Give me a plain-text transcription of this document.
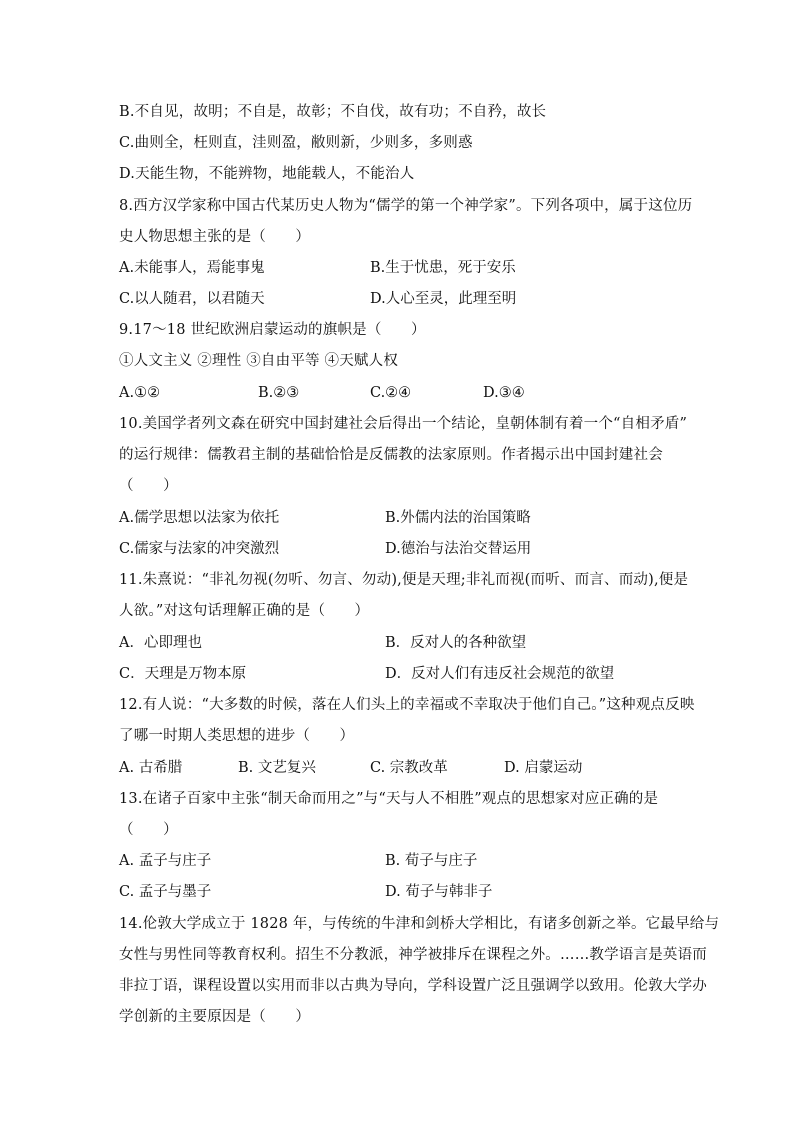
B.不自见，故明；不自是，故彰；不自伐，故有功；不自矜，故长
C.曲则全，枉则直，洼则盈，敝则新，少则多，多则惑
D.天能生物，不能辨物，地能载人，不能治人
8.西方汉学家称中国古代某历史人物为“儒学的第一个神学家”。下列各项中，属于这位历
史人物思想主张的是（　　）
A.未能事人，焉能事鬼	B.生于忧患，死于安乐
C.以人随君，以君随天	D.人心至灵，此理至明
9.17～18 世纪欧洲启蒙运动的旗帜是（　　）
①人文主义 ②理性 ③自由平等 ④天赋人权
A.①②	B.②③	C.②④	D.③④
10.美国学者列文森在研究中国封建社会后得出一个结论，皇朝体制有着一个“自相矛盾”
的运行规律：儒教君主制的基础恰恰是反儒教的法家原则。作者揭示出中国封建社会
（　　）
A.儒学思想以法家为依托	B.外儒内法的治国策略
C.儒家与法家的冲突激烈	D.德治与法治交替运用
11.朱熹说：“非礼勿视(勿听、勿言、勿动),便是天理;非礼而视(而听、而言、而动),便是
人欲。”对这句话理解正确的是（　　）
A．心即理也	B．反对人的各种欲望
C．天理是万物本原	D．反对人们有违反社会规范的欲望
12.有人说：“大多数的时候，落在人们头上的幸福或不幸取决于他们自己。”这种观点反映
了哪一时期人类思想的进步（　　）
A. 古希腊	B. 文艺复兴	C. 宗教改革	D. 启蒙运动
13.在诸子百家中主张“制天命而用之”与“天与人不相胜”观点的思想家对应正确的是
（　　）
A. 孟子与庄子	B. 荀子与庄子
C. 孟子与墨子	D. 荀子与韩非子
14.伦敦大学成立于 1828 年，与传统的牛津和剑桥大学相比，有诸多创新之举。它最早给与
女性与男性同等教育权利。招生不分教派，神学被排斥在课程之外。……教学语言是英语而
非拉丁语，课程设置以实用而非以古典为导向，学科设置广泛且强调学以致用。伦敦大学办
学创新的主要原因是（　　）
